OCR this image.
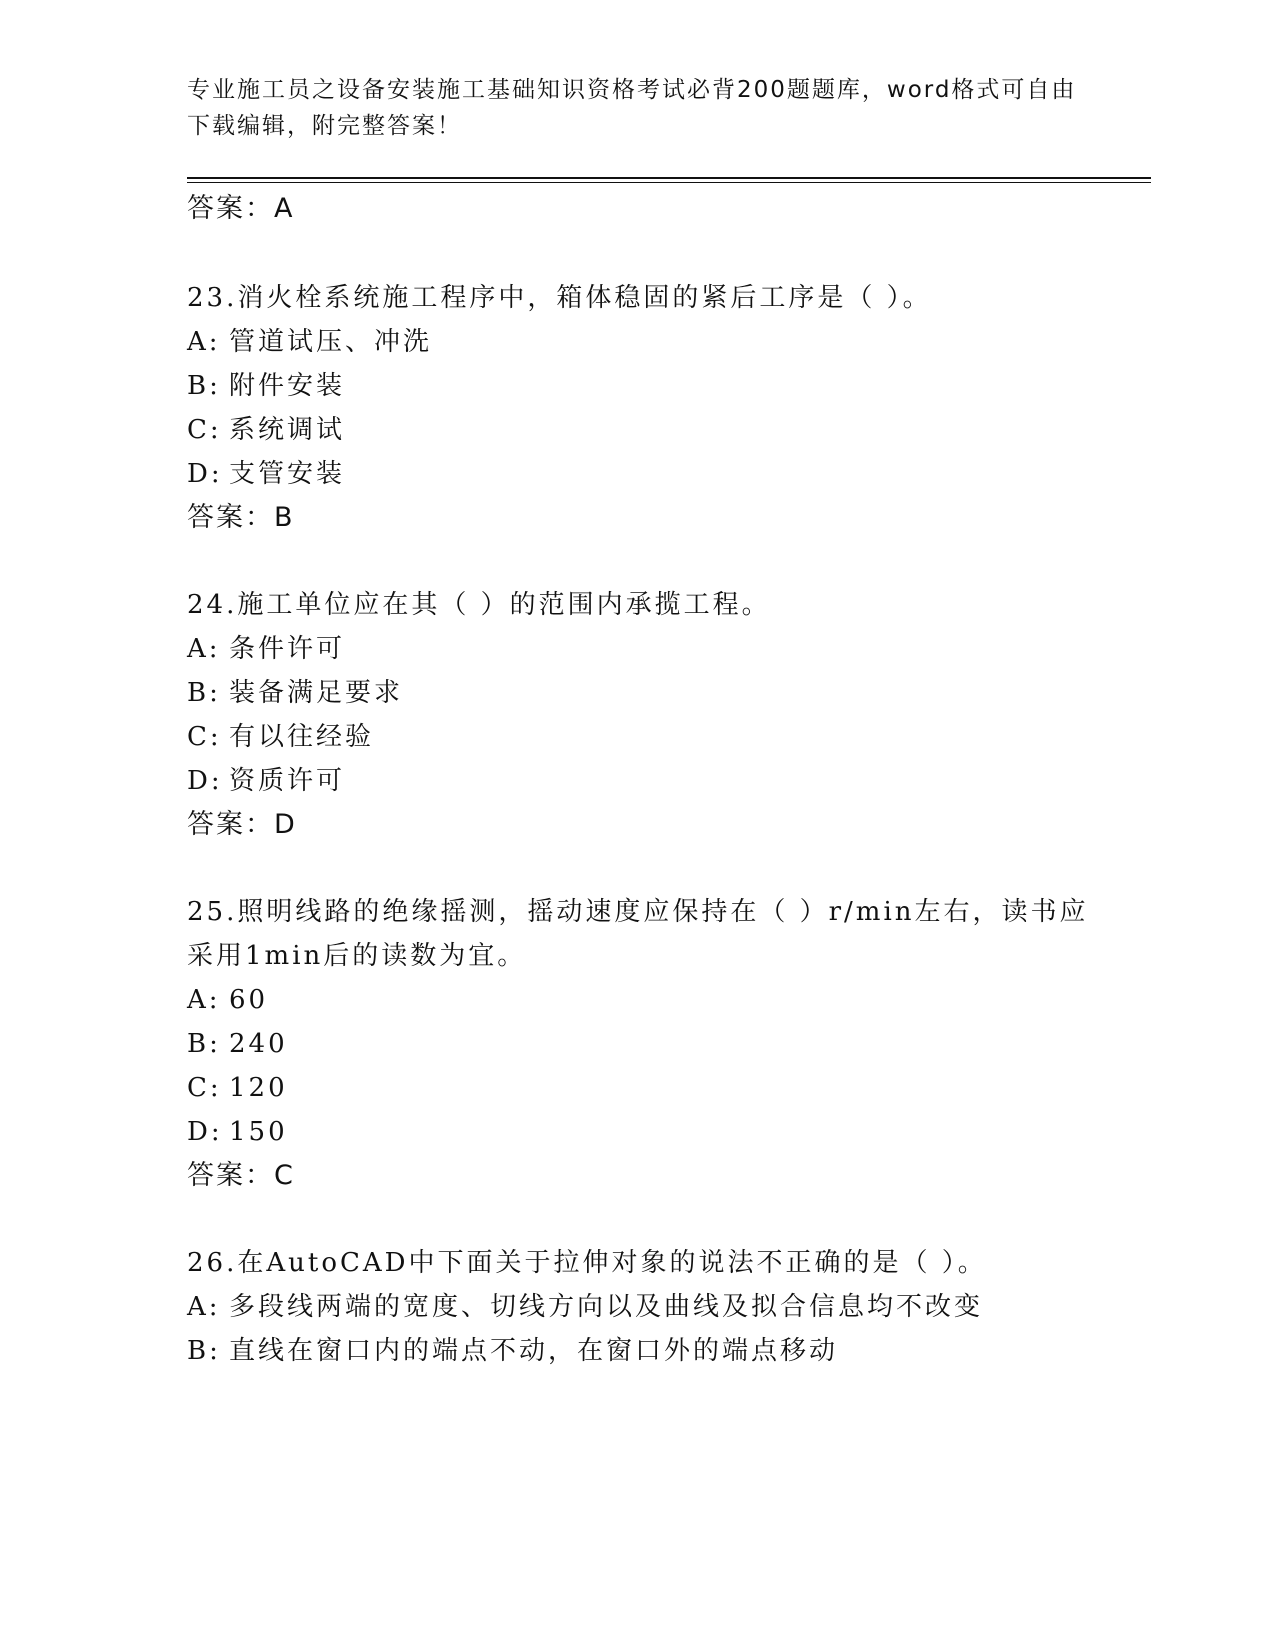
专业施工员之设备安装施工基础知识资格考试必背200题题库，word格式可自由
下载编辑，附完整答案！
答案：A
23.消火栓系统施工程序中，箱体稳固的紧后工序是（ ）。
A: 管道试压、冲洗
B: 附件安装
C: 系统调试
D: 支管安装
答案：B
24.施工单位应在其（ ）的范围内承揽工程。
A: 条件许可
B: 装备满足要求
C: 有以往经验
D: 资质许可
答案：D
25.照明线路的绝缘摇测，摇动速度应保持在（ ）r/min左右，读书应
采用1min后的读数为宜。
A: 60
B: 240
C: 120
D: 150
答案：C
26.在AutoCAD中下面关于拉伸对象的说法不正确的是（ ）。
A: 多段线两端的宽度、切线方向以及曲线及拟合信息均不改变
B: 直线在窗口内的端点不动，在窗口外的端点移动
